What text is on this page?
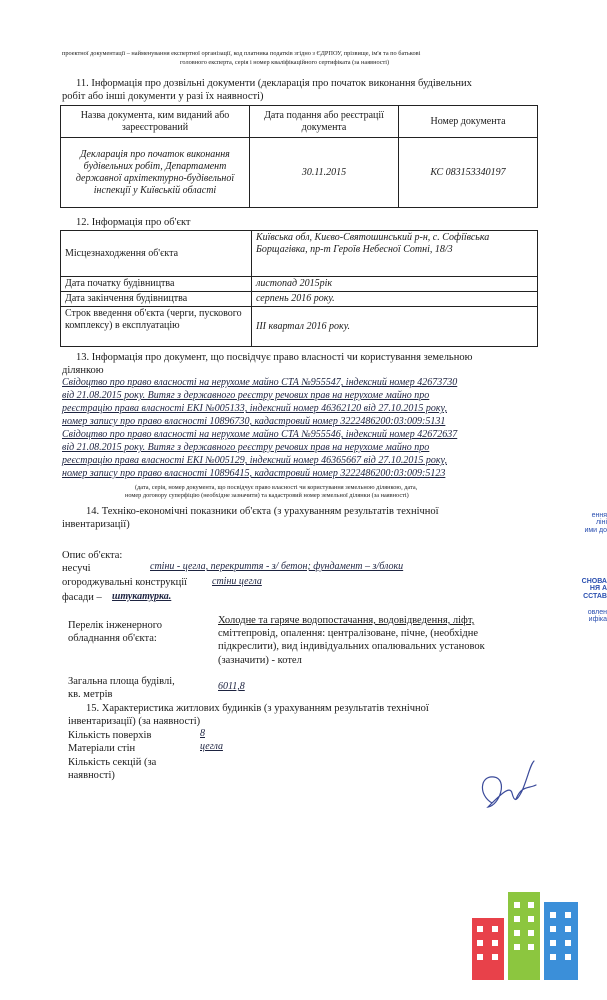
проектної документації – найменування експертної організації, код платника податків згідно з ЄДРПОУ, прізвище, ім'я та по батькові
головного експерта, серія і номер кваліфікаційного сертифіката (за наявності)
11. Інформація про дозвільні документи (декларація про початок виконання будівельних
робіт або інші документи у разі їх наявності)
Назва документа, ким виданий або зареєстрований	Дата подання або реєстрації документа	Номер документа
Декларація про початок виконання будівельних робіт, Департамент державної архітектурно-будівельної інспекції у Київській області	30.11.2015	КС 083153340197
12. Інформація про об'єкт
Місцезнаходження об'єкта	Київська обл, Києво-Святошинський р-н, с. Софіївська Борщагівка, пр-т Героїв Небесної Сотні, 18/3
Дата початку будівництва	листопад 2015рік
Дата закінчення будівництва	серпень 2016 року.
Строк введення об'єкта (черги, пускового комплексу) в експлуатацію	ІІІ квартал 2016 року.
13. Інформація про документ, що посвідчує право власності чи користування земельною
ділянкою
Свідоцтво про право власності на нерухоме майно СТА №955547, індексний номер 42673730
від 21.08.2015 року. Витяг з державного реєстру речових прав на нерухоме майно про
реєстрацію права власності ЕКІ №005133, індексний номер 46362120 від 27.10.2015 року,
номер запису про право власності 10896730, кадастровий номер 3222486200:03:009:5131
Свідоцтво про право власності на нерухоме майно СТА №955546, індексний номер 42672637
від 21.08.2015 року. Витяг з державного реєстру речових прав на нерухоме майно про
реєстрацію права власності ЕКІ №005129, індексний номер 46365667 від 27.10.2015 року,
номер запису про право власності 10896415, кадастровий номер 3222486200:03:009:5123
(дата, серія, номер документа, що посвідчує право власності чи користування земельною ділянкою, дата,
номер договору суперфіцію (необхідне зазначити) та кадастровий номер земельної ділянки (за наявності)
14. Техніко-економічні показники об'єкта (з урахуванням результатів технічної
інвентаризації)
Опис об'єкта:
несучі	стіни - цегла, перекриття - з/ бетон; фундамент – з/блоки
огороджувальні конструкції стіни цегла
фасади – штукатурка.
Перелік інженерного
обладнання об'єкта:
Холодне та гаряче водопостачання, водовідведення, ліфт,
сміттепровід, опалення: централізоване, пічне, (необхідне
підкреслити), вид індивідуальних опалювальних установок
(зазначити) - котел
Загальна площа будівлі,
кв. метрів
6011,8
15. Характеристика житлових будинків (з урахуванням результатів технічної
інвентаризації) (за наявності)
Кількість поверхів	8
Матеріали стін	цегла
Кількість секцій (за
наявності)
ення
ліні
ими до
СНОВА
НЯ А
ССТАВ
овлен
ифіка
